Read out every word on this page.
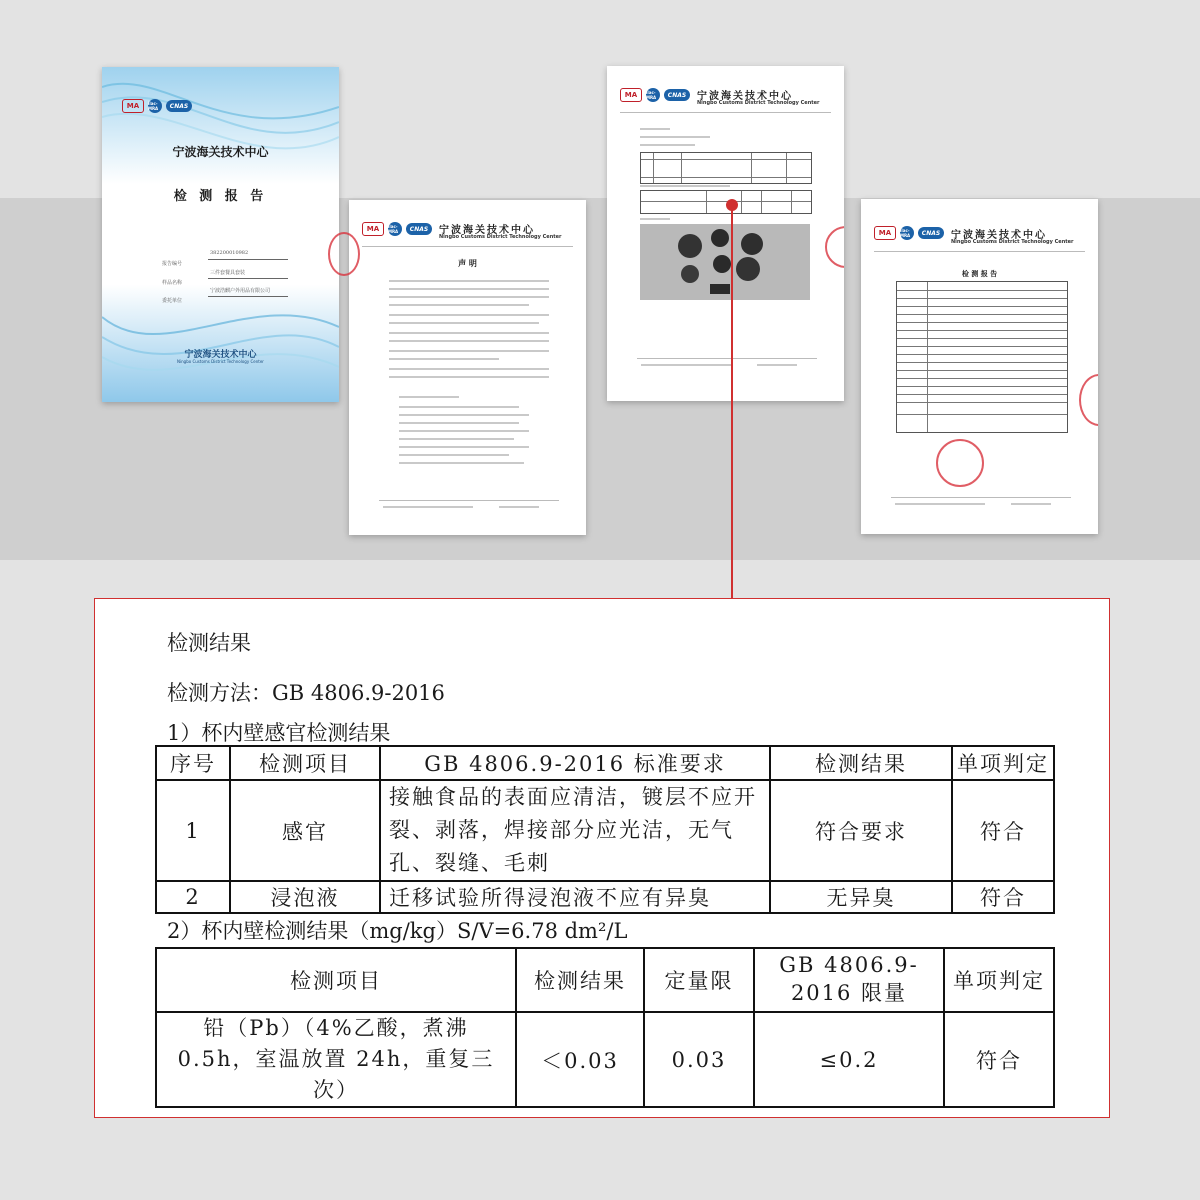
MA	ilac-MRA	CNAS
宁波海关技术中心
检 测 报 告
报告编号
382200010982
样品名称
三件套餐具套装
委托单位
宁波浩麒户外用品有限公司
宁波海关技术中心
Ningbo Customs District Technology Center
MA	ilac-MRA	CNAS	宁波海关技术中心
Ningbo Customs District Technology Center
声 明
MA	ilac-MRA	CNAS	宁波海关技术中心
Ningbo Customs District Technology Center
MA	ilac-MRA	CNAS	宁波海关技术中心
Ningbo Customs District Technology Center
检 测 报 告
检测结果
检测方法：GB 4806.9-2016
1）杯内壁感官检测结果
序号	检测项目	GB 4806.9-2016 标准要求	检测结果	单项判定
1	感官	接触食品的表面应清洁，镀层不应开裂、剥落，焊接部分应光洁，无气孔、裂缝、毛刺	符合要求	符合
2	浸泡液	迁移试验所得浸泡液不应有异臭	无异臭	符合
2）杯内壁检测结果（mg/kg）S/V=6.78 dm²/L
检测项目	检测结果	定量限	GB 4806.9-2016 限量	单项判定
铅（Pb）（4%乙酸，煮沸 0.5h，室温放置 24h，重复三次）	＜0.03	0.03	≤0.2	符合
